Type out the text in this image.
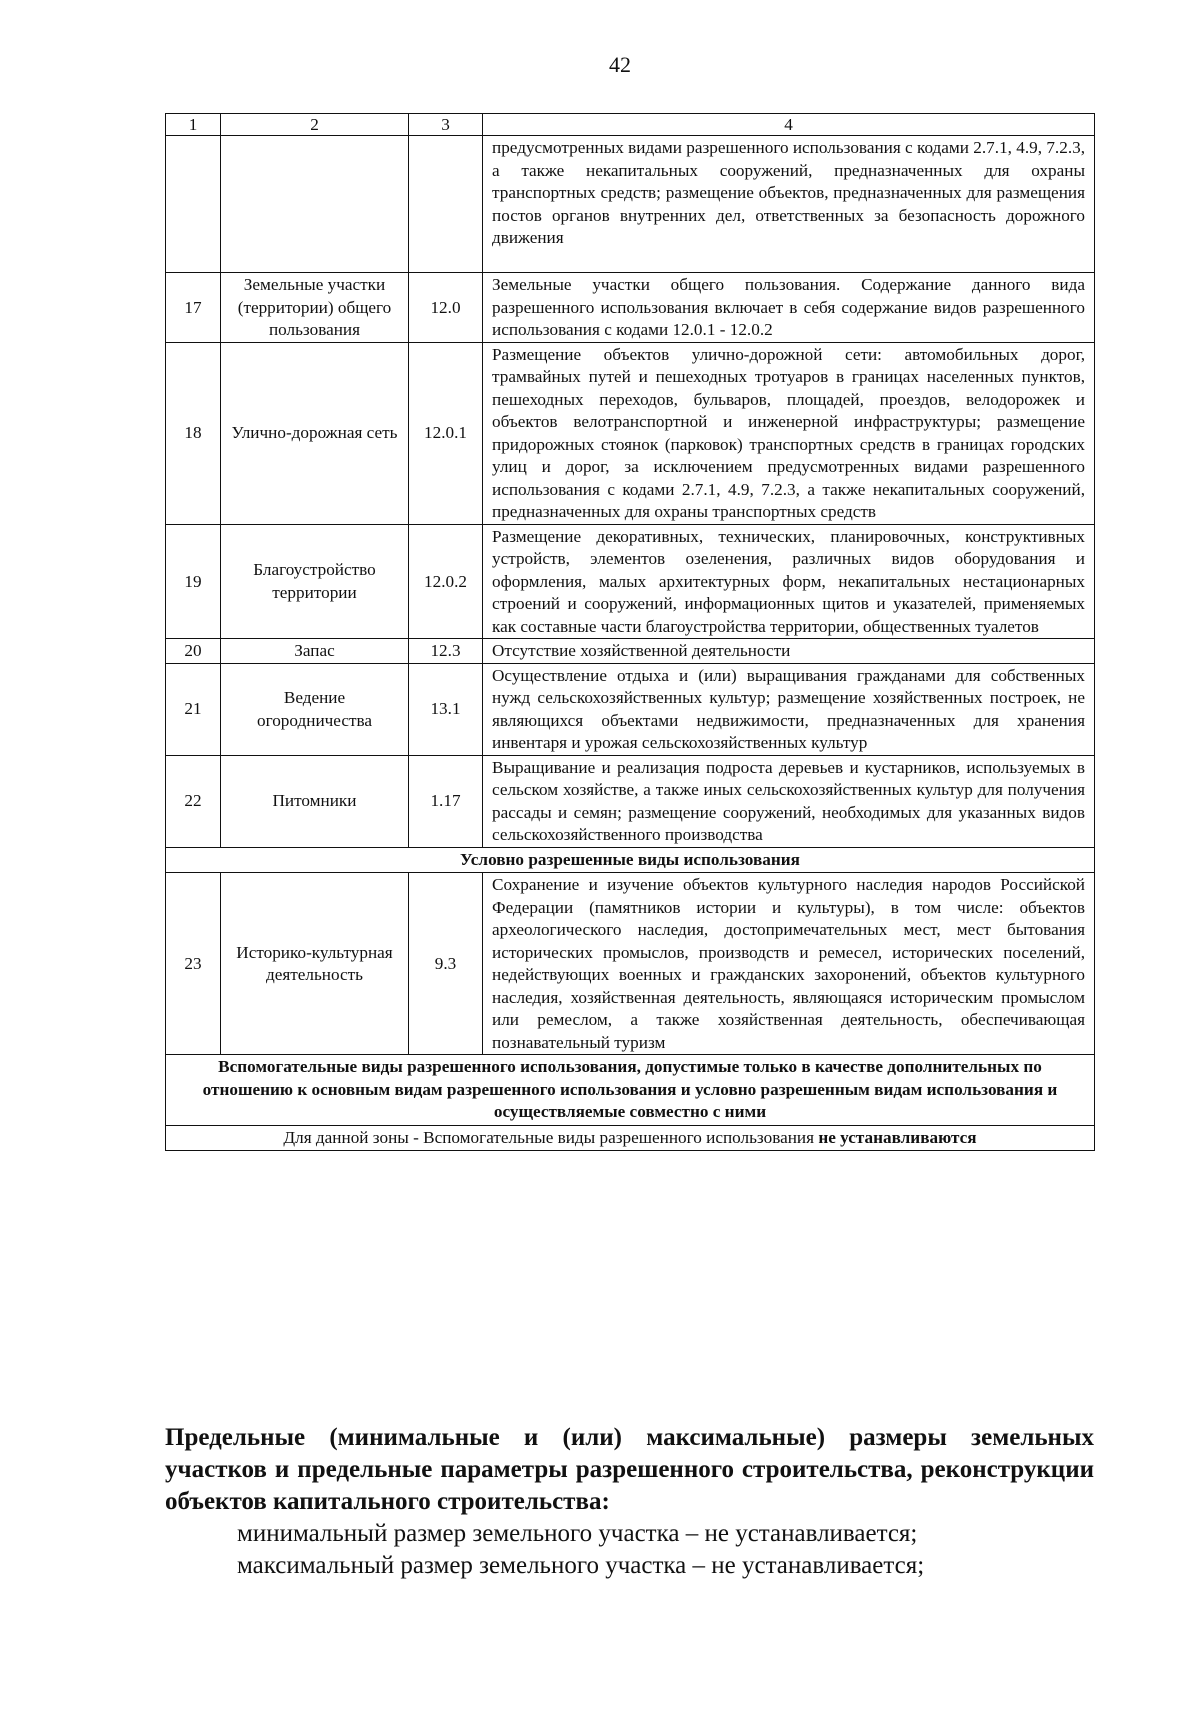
42
1	2	3	4
			предусмотренных видами разрешенного использования с кодами 2.7.1, 4.9, 7.2.3, а также некапитальных сооружений, предназначенных для охраны транспортных средств; размещение объектов, предназначенных для размещения постов органов внутренних дел, ответственных за безопасность дорожного движения
17	Земельные участки (территории) общего пользования	12.0	Земельные участки общего пользования. Содержание данного вида разрешенного использования включает в себя содержание видов разрешенного использования с кодами 12.0.1 - 12.0.2
18	Улично-дорожная сеть	12.0.1	Размещение объектов улично-дорожной сети: автомобильных дорог, трамвайных путей и пешеходных тротуаров в границах населенных пунктов, пешеходных переходов, бульваров, площадей, проездов, велодорожек и объектов велотранспортной и инженерной инфраструктуры; размещение придорожных стоянок (парковок) транспортных средств в границах городских улиц и дорог, за исключением предусмотренных видами разрешенного использования с кодами 2.7.1, 4.9, 7.2.3, а также некапитальных сооружений, предназначенных для охраны транспортных средств
19	Благоустройство территории	12.0.2	Размещение декоративных, технических, планировочных, конструктивных устройств, элементов озеленения, различных видов оборудования и оформления, малых архитектурных форм, некапитальных нестационарных строений и сооружений, информационных щитов и указателей, применяемых как составные части благоустройства территории, общественных туалетов
20	Запас	12.3	Отсутствие хозяйственной деятельности
21	Ведение огородничества	13.1	Осуществление отдыха и (или) выращивания гражданами для собственных нужд сельскохозяйственных культур; размещение хозяйственных построек, не являющихся объектами недвижимости, предназначенных для хранения инвентаря и урожая сельскохозяйственных культур
22	Питомники	1.17	Выращивание и реализация подроста деревьев и кустарников, используемых в сельском хозяйстве, а также иных сельскохозяйственных культур для получения рассады и семян; размещение сооружений, необходимых для указанных видов сельскохозяйственного производства
Условно разрешенные виды использования			
23	Историко-культурная деятельность	9.3	Сохранение и изучение объектов культурного наследия народов Российской Федерации (памятников истории и культуры), в том числе: объектов археологического наследия, достопримечательных мест, мест бытования исторических промыслов, производств и ремесел, исторических поселений, недействующих военных и гражданских захоронений, объектов культурного наследия, хозяйственная деятельность, являющаяся историческим промыслом или ремеслом, а также хозяйственная деятельность, обеспечивающая познавательный туризм
Вспомогательные виды разрешенного использования, допустимые только в качестве дополнительных по отношению к основным видам разрешенного использования и условно разрешенным видам использования и осуществляемые совместно с ними			
Для данной зоны - Вспомогательные виды разрешенного использования не устанавливаются			

Предельные (минимальные и (или) максимальные) размеры земельных участков и предельные параметры разрешенного строительства, реконструкции объектов капитального строительства:

минимальный размер земельного участка – не устанавливается;

максимальный размер земельного участка – не устанавливается;
